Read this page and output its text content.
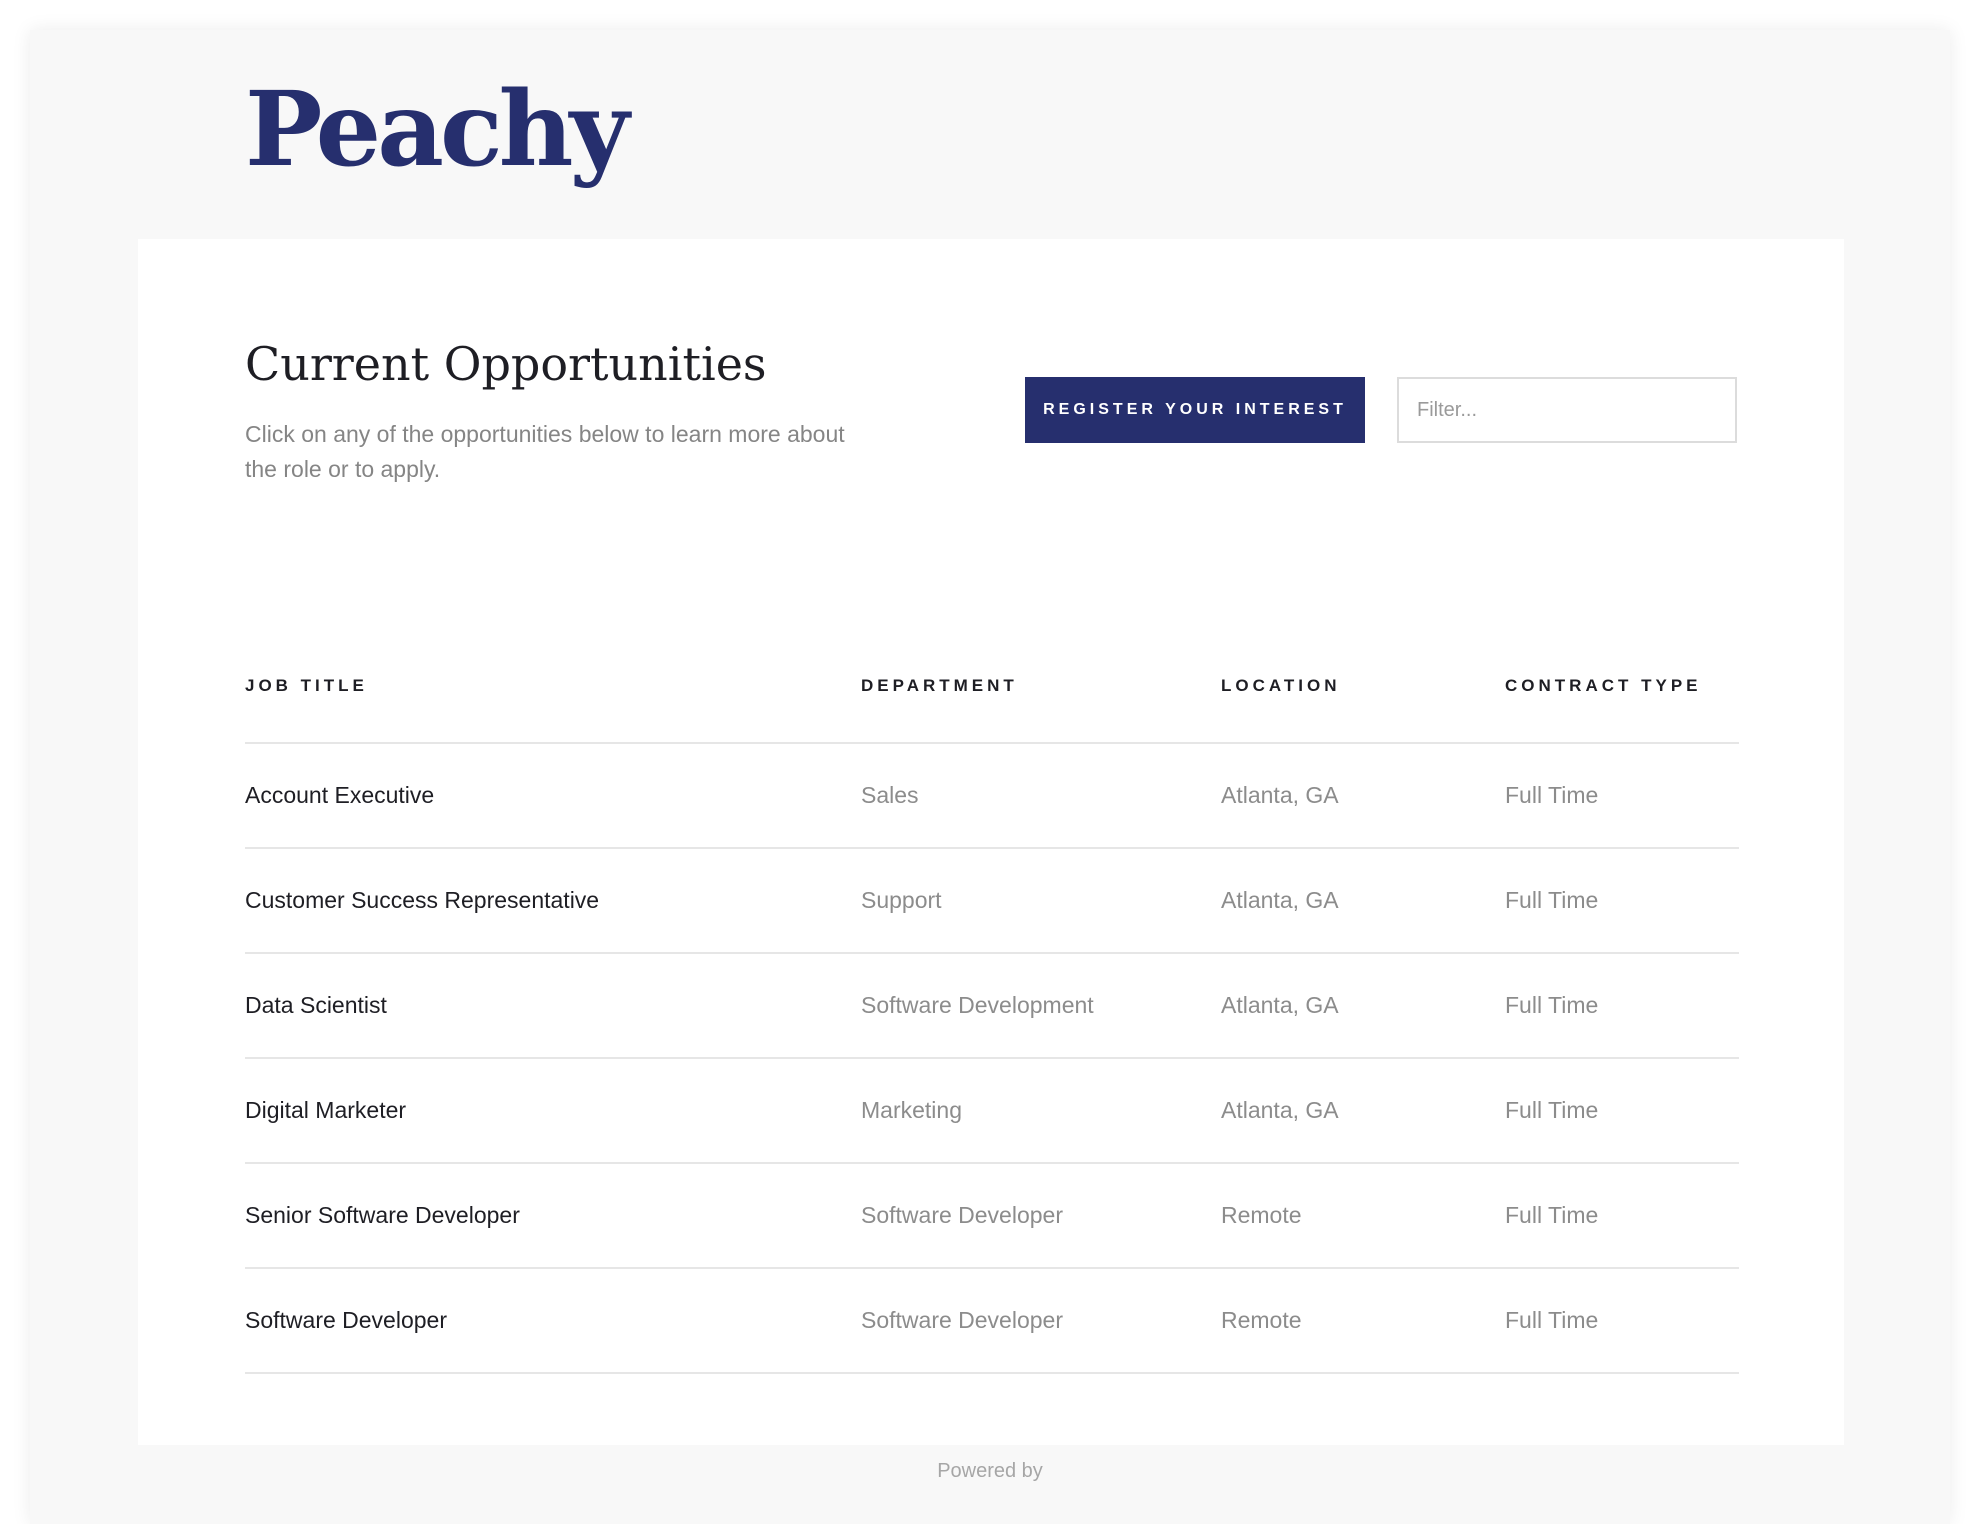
Peachy
Current Opportunities

Click on any of the opportunities below to learn more about the role or to apply.

REGISTER YOUR INTEREST
Filter...
JOB TITLE	DEPARTMENT	LOCATION	CONTRACT TYPE
Account Executive	Sales	Atlanta, GA	Full Time
Customer Success Representative	Support	Atlanta, GA	Full Time
Data Scientist	Software Development	Atlanta, GA	Full Time
Digital Marketer	Marketing	Atlanta, GA	Full Time
Senior Software Developer	Software Developer	Remote	Full Time
Software Developer	Software Developer	Remote	Full Time
Powered by
